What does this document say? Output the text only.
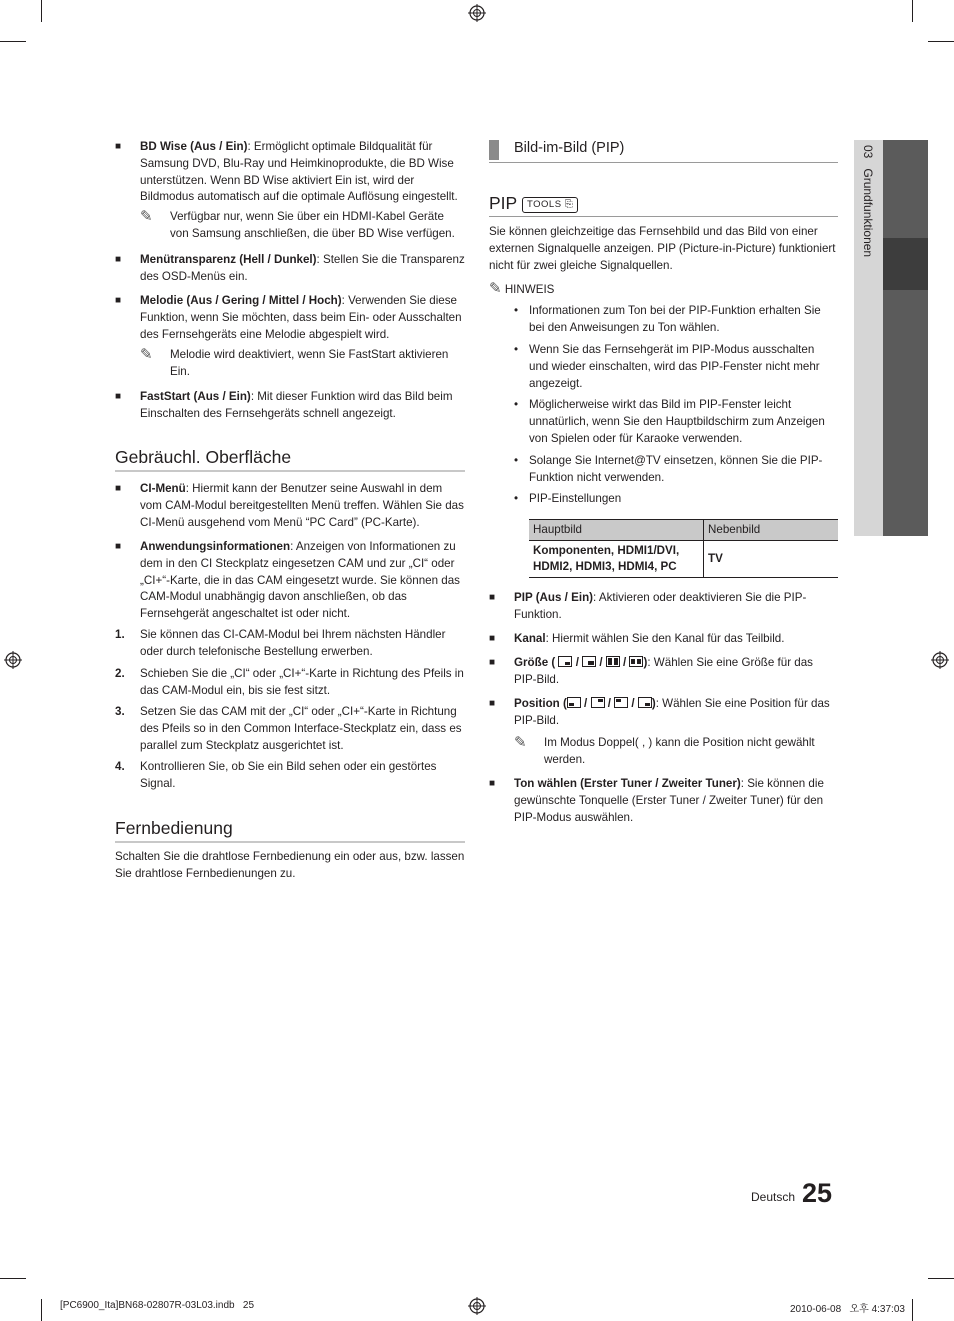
■ BD Wise (Aus / Ein): Ermöglicht optimale Bildqualität für Samsung DVD, Blu-Ray und Heimkinoprodukte, die BD Wise unterstützen. Wenn BD Wise aktiviert Ein ist, wird der Bildmodus automatisch auf die optimale Auflösung eingestellt.
✎ Verfügbar nur, wenn Sie über ein HDMI-Kabel Geräte von Samsung anschließen, die über BD Wise verfügen.
■ Menütransparenz (Hell / Dunkel): Stellen Sie die Transparenz des OSD-Menüs ein.
■ Melodie (Aus / Gering / Mittel / Hoch): Verwenden Sie diese Funktion, wenn Sie möchten, dass beim Ein- oder Ausschalten des Fernsehgeräts eine Melodie abgespielt wird.
✎ Melodie wird deaktiviert, wenn Sie FastStart aktivieren Ein.
■ FastStart (Aus / Ein): Mit dieser Funktion wird das Bild beim Einschalten des Fernsehgeräts schnell angezeigt.
Gebräuchl. Oberfläche
■ CI-Menü: Hiermit kann der Benutzer seine Auswahl in dem vom CAM-Modul bereitgestellten Menü treffen. Wählen Sie das CI-Menü ausgehend vom Menü “PC Card” (PC-Karte).
■ Anwendungsinformationen: Anzeigen von Informationen zu dem in den CI Steckplatz eingesetzen CAM und zur „CI“ oder „CI+“-Karte, die in das CAM eingesetzt wurde. Sie können das CAM-Modul unabhängig davon anschließen, ob das Fernsehgerät angeschaltet ist oder nicht.
1. Sie können das CI-CAM-Modul bei Ihrem nächsten Händler oder durch telefonische Bestellung erwerben.
2. Schieben Sie die „CI“ oder „CI+“-Karte in Richtung des Pfeils in das CAM-Modul ein, bis sie fest sitzt.
3. Setzen Sie das CAM mit der „CI“ oder „CI+“-Karte in Richtung des Pfeils so in den Common Interface-Steckplatz ein, dass es parallel zum Steckplatz ausgerichtet ist.
4. Kontrollieren Sie, ob Sie ein Bild sehen oder ein gestörtes Signal.
Fernbedienung
Schalten Sie die drahtlose Fernbedienung ein oder aus, bzw. lassen Sie drahtlose Fernbedienungen zu.
Bild-im-Bild (PIP)
PIP	TOOLS ⎘
Sie können gleichzeitige das Fernsehbild und das Bild von einer externen Signalquelle anzeigen. PIP (Picture-in-Picture) funktioniert nicht für zwei gleiche Signalquellen.
✎ HINWEIS
• Informationen zum Ton bei der PIP-Funktion erhalten Sie bei den Anweisungen zu Ton wählen.
• Wenn Sie das Fernsehgerät im PIP-Modus ausschalten und wieder einschalten, wird das PIP-Fenster nicht mehr angezeigt.
• Möglicherweise wirkt das Bild im PIP-Fenster leicht unnatürlich, wenn Sie den Hauptbildschirm zum Anzeigen von Spielen oder für Karaoke verwenden.
• Solange Sie Internet@TV einsetzen, können Sie die PIP-Funktion nicht verwenden.
• PIP-Einstellungen
Hauptbild	Nebenbild
Komponenten, HDMI1/DVI, HDMI2, HDMI3, HDMI4, PC	TV
■ PIP (Aus / Ein): Aktivieren oder deaktivieren Sie die PIP-Funktion.
■ Kanal: Hiermit wählen Sie den Kanal für das Teilbild.
■ Größe (
/
/
/
): Wählen Sie eine Größe für das PIP-Bild.
■ Position (
/
/
/
): Wählen Sie eine Position für das PIP-Bild.
✎ Im Modus Doppel( , ) kann die Position nicht gewählt werden.
■ Ton wählen (Erster Tuner / Zweiter Tuner): Sie können die gewünschte Tonquelle (Erster Tuner / Zweiter Tuner) für den PIP-Modus auswählen.
03   Grundfunktionen
Deutsch 25
[PC6900_Ita]BN68-02807R-03L03.indb   25	2010-06-08   오후 4:37:03
